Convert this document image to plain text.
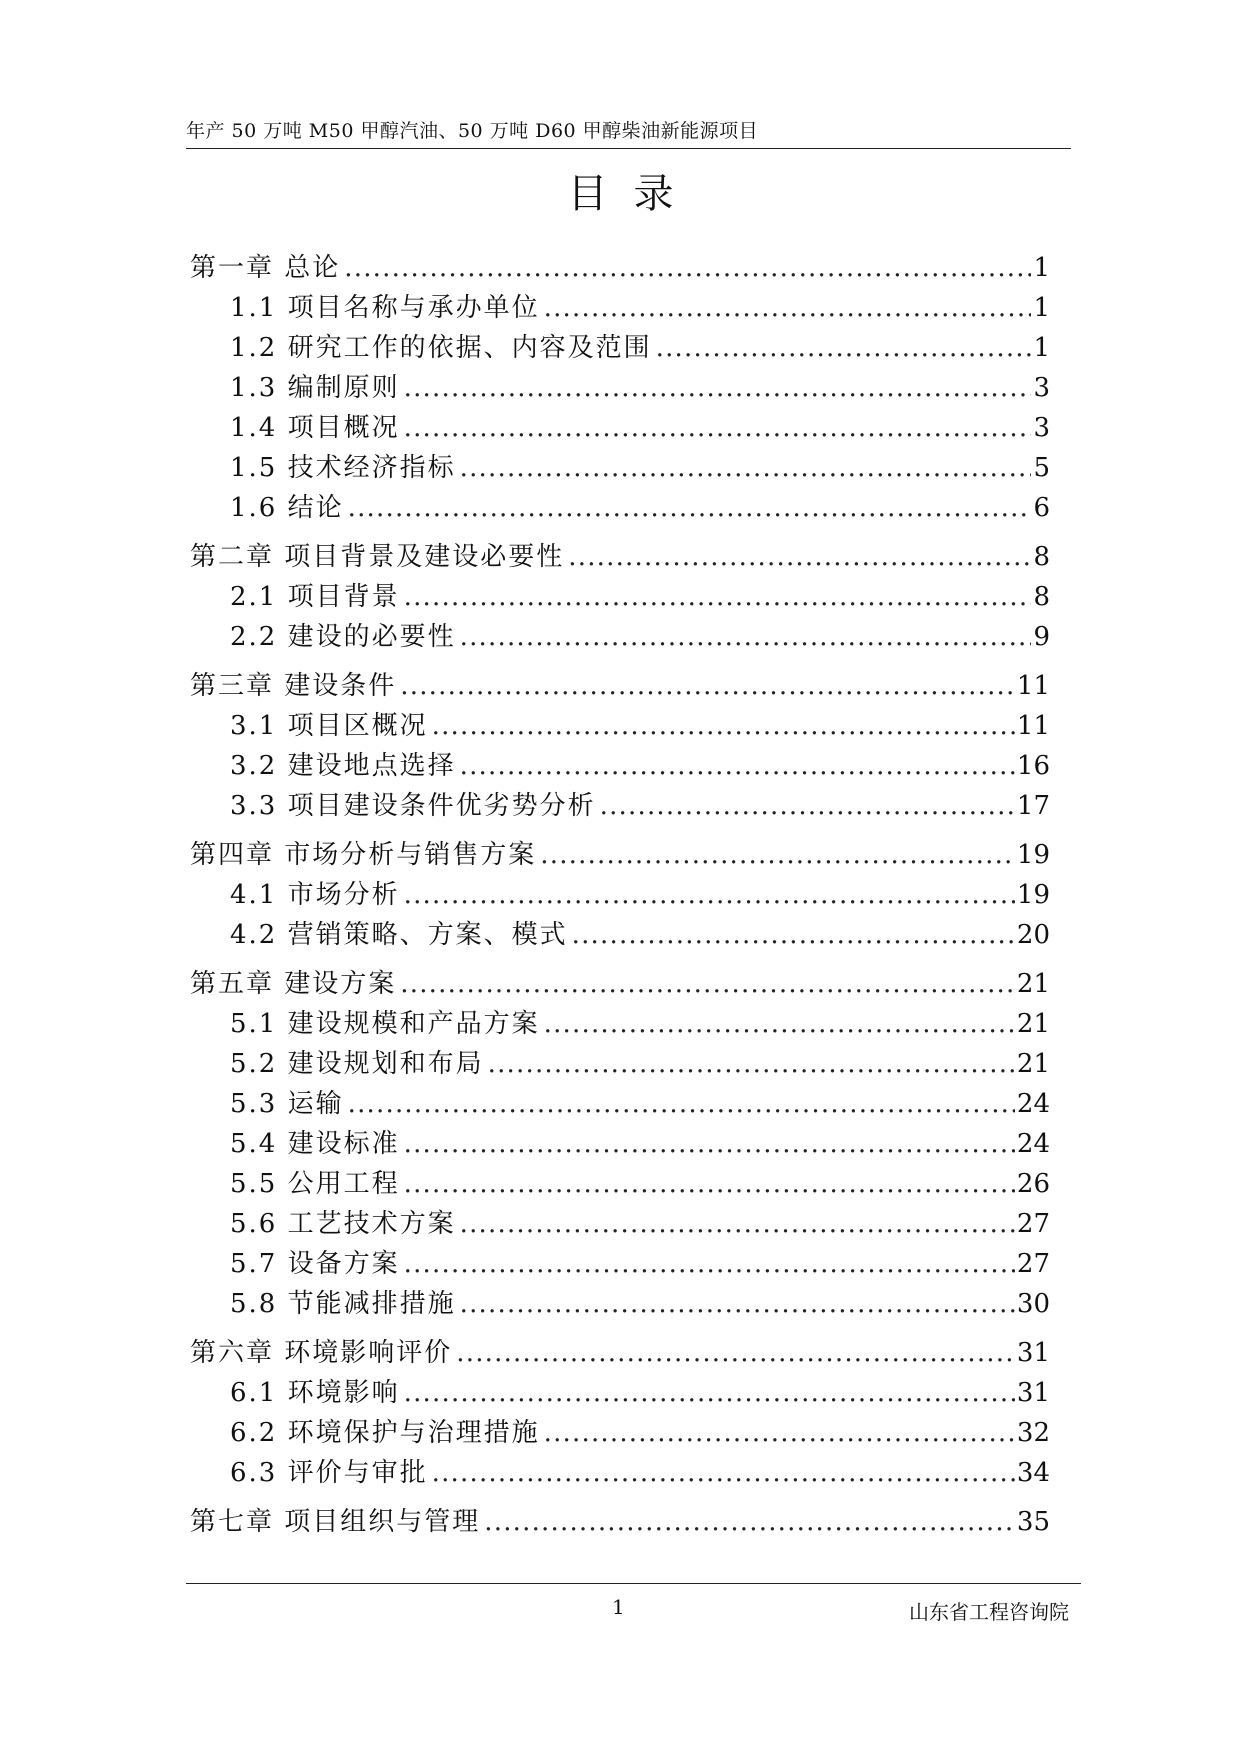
年产 50 万吨 M50 甲醇汽油、50 万吨 D60 甲醇柴油新能源项目
目录
第一章 总论 .....	1
1.1 项目名称与承办单位 .....	1
1.2 研究工作的依据、内容及范围 .....	1
1.3 编制原则 .....	3
1.4 项目概况 .....	3
1.5 技术经济指标 .....	5
1.6 结论 .....	6
第二章 项目背景及建设必要性 .....	8
2.1 项目背景 .....	8
2.2 建设的必要性 .....	9
第三章 建设条件 .....	11
3.1 项目区概况 .....	11
3.2 建设地点选择 .....	16
3.3 项目建设条件优劣势分析 .....	17
第四章 市场分析与销售方案 .....	19
4.1 市场分析 .....	19
4.2 营销策略、方案、模式 .....	20
第五章 建设方案 .....	21
5.1 建设规模和产品方案 .....	21
5.2 建设规划和布局 .....	21
5.3 运输 .....	24
5.4 建设标准 .....	24
5.5 公用工程 .....	26
5.6 工艺技术方案 .....	27
5.7 设备方案 .....	27
5.8 节能减排措施 .....	30
第六章 环境影响评价 .....	31
6.1 环境影响 .....	31
6.2 环境保护与治理措施 .....	32
6.3 评价与审批 .....	34
第七章 项目组织与管理 .....	35
1	山东省工程咨询院
